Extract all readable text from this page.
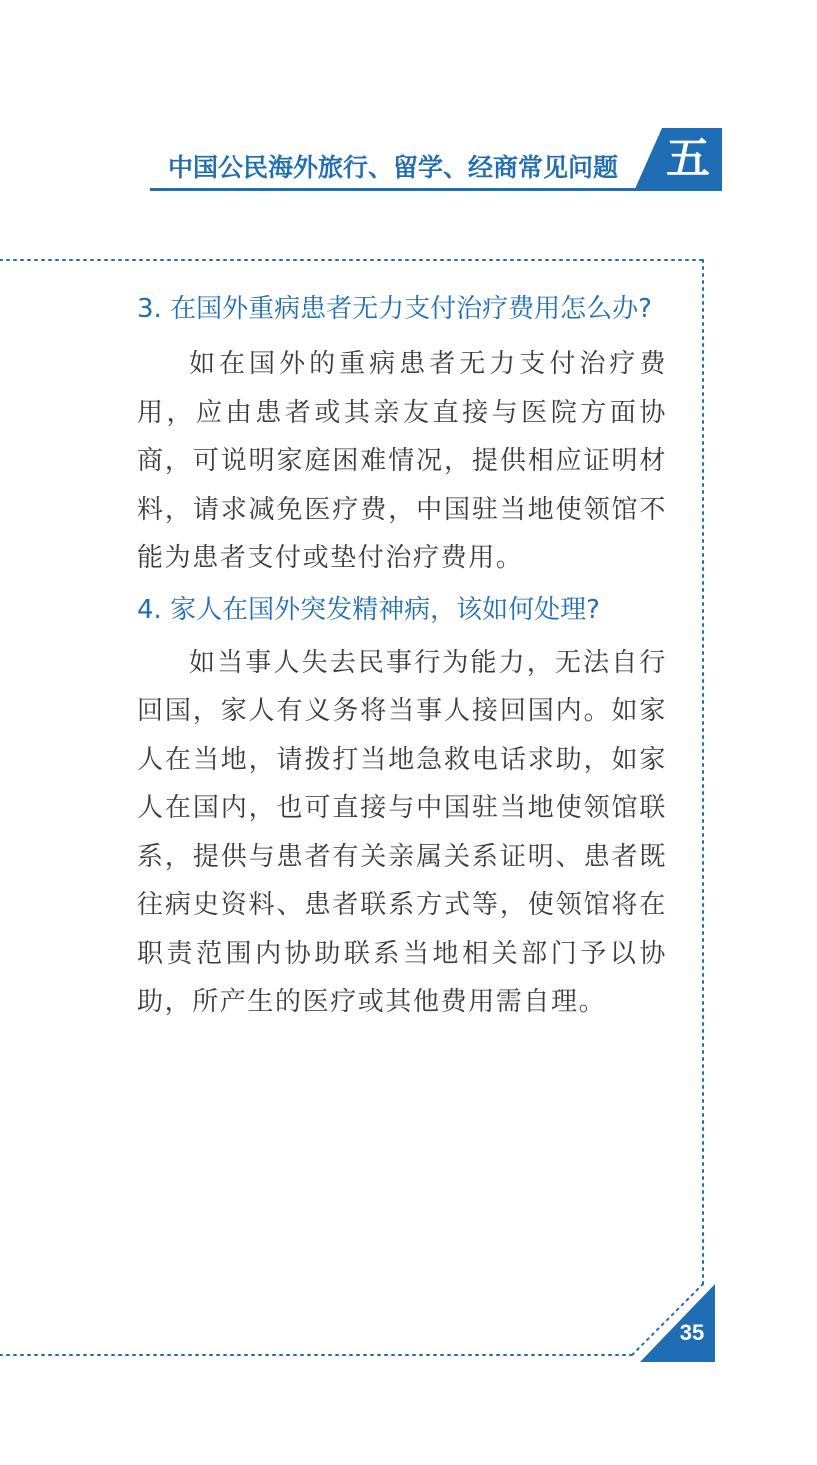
中国公民海外旅行、留学、经商常见问题 五
3. 在国外重病患者无力支付治疗费用怎么办?

如在国外的重病患者无力支付治疗费用，应由患者或其亲友直接与医院方面协商，可说明家庭困难情况，提供相应证明材料，请求减免医疗费，中国驻当地使领馆不能为患者支付或垫付治疗费用。

4. 家人在国外突发精神病，该如何处理?

如当事人失去民事行为能力，无法自行回国，家人有义务将当事人接回国内。如家人在当地，请拨打当地急救电话求助，如家人在国内，也可直接与中国驻当地使领馆联系，提供与患者有关亲属关系证明、患者既往病史资料、患者联系方式等，使领馆将在职责范围内协助联系当地相关部门予以协助，所产生的医疗或其他费用需自理。

35
